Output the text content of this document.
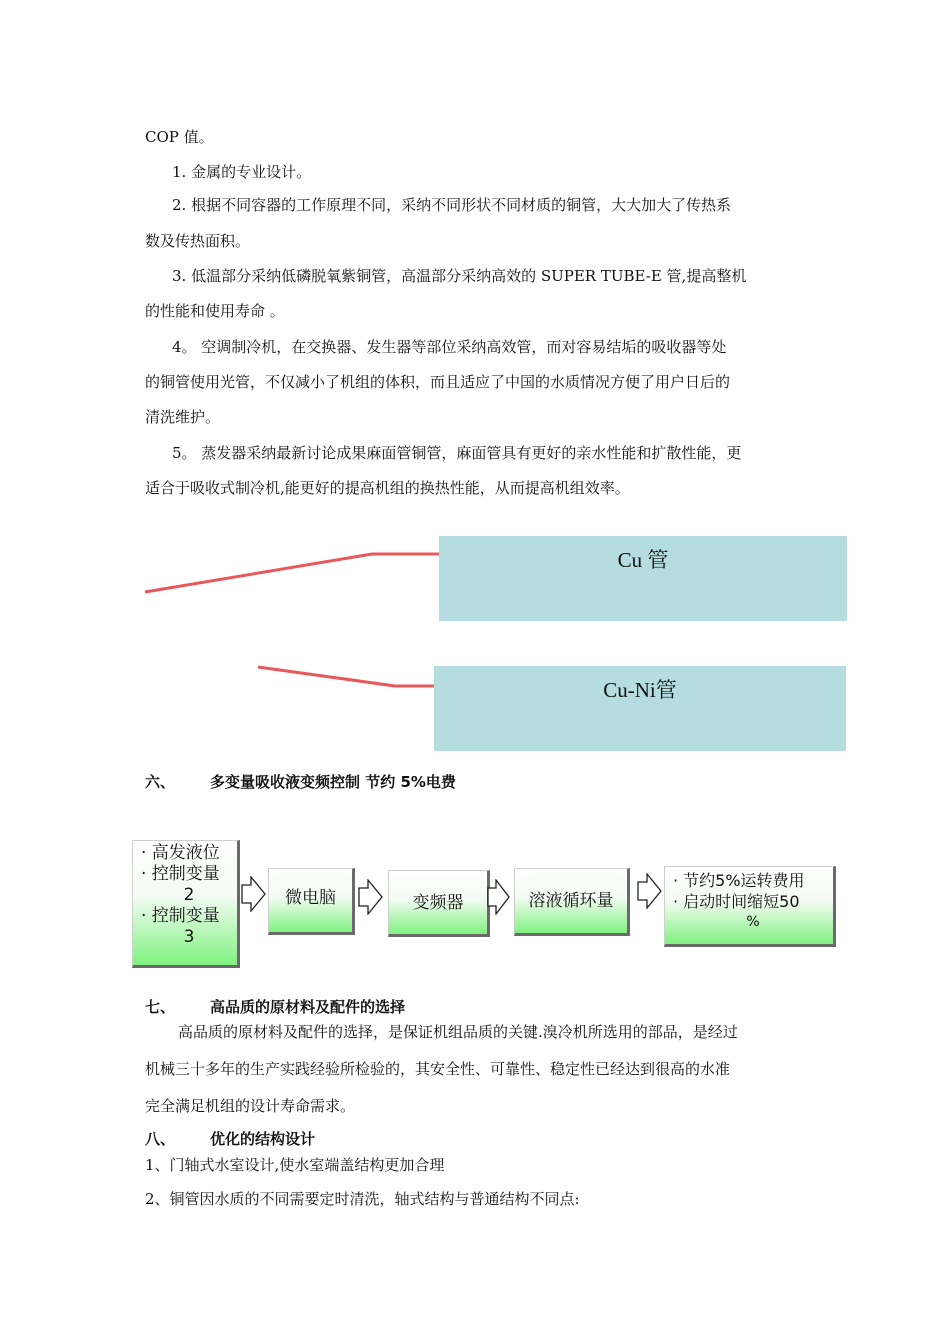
COP 值。
1. 金属的专业设计。
2. 根据不同容器的工作原理不同，采纳不同形状不同材质的铜管，大大加大了传热系
数及传热面积。
3. 低温部分采纳低磷脱氧紫铜管，高温部分采纳高效的 SUPER TUBE-E 管,提高整机
的性能和使用寿命 。
4。 空调制冷机，在交换器、发生器等部位采纳高效管，而对容易结垢的吸收器等处
的铜管使用光管，不仅减小了机组的体积，而且适应了中国的水质情况方便了用户日后的
清洗维护。
5。 蒸发器采纳最新讨论成果麻面管铜管，麻面管具有更好的亲水性能和扩散性能，更
适合于吸收式制冷机,能更好的提高机组的换热性能，从而提高机组效率。
Cu 管
Cu-Ni管
六、 多变量吸收液变频控制 节约 5%电费
· 高发液位
· 控制变量
2
· 控制变量
3
微电脑	变频器	溶液循环量
· 节约5%运转费用
· 启动时间缩短50
%
七、 高品质的原材料及配件的选择
高品质的原材料及配件的选择，是保证机组品质的关键.溴冷机所选用的部品，是经过
机械三十多年的生产实践经验所检验的，其安全性、可靠性、稳定性已经达到很高的水准
完全满足机组的设计寿命需求。
八、 优化的结构设计
1、门轴式水室设计,使水室端盖结构更加合理
2、铜管因水质的不同需要定时清洗，轴式结构与普通结构不同点:
